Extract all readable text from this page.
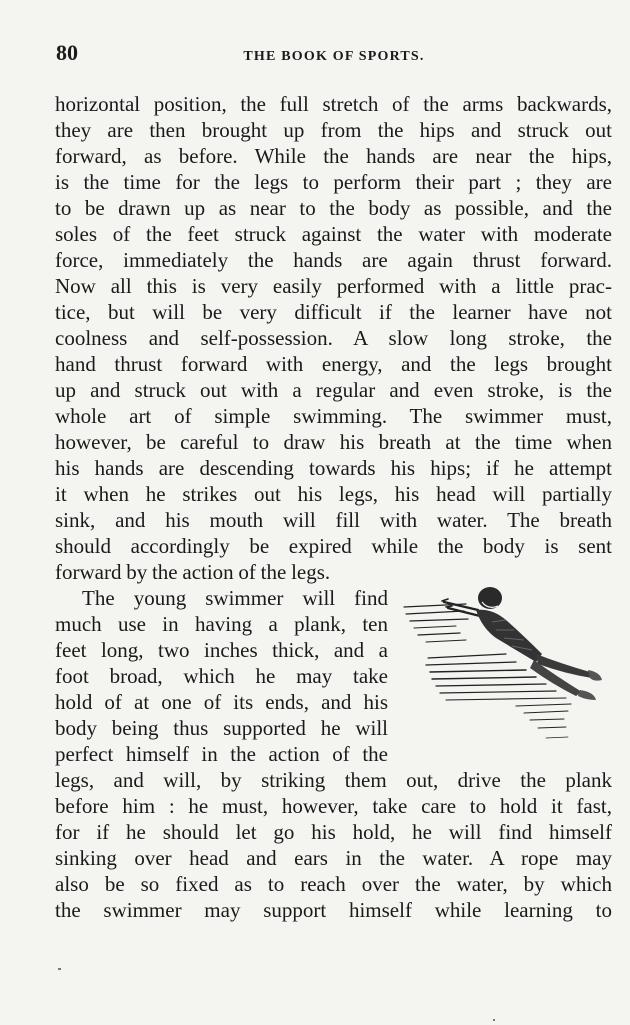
80	THE BOOK OF SPORTS.
horizontal position, the full stretch of the arms backwards,
they are then brought up from the hips and struck out
forward, as before. While the hands are near the hips,
is the time for the legs to perform their part ; they are
to be drawn up as near to the body as possible, and the
soles of the feet struck against the water with moderate
force, immediately the hands are again thrust forward.
Now all this is very easily performed with a little prac-
tice, but will be very difficult if the learner have not
coolness and self-possession. A slow long stroke, the
hand thrust forward with energy, and the legs brought
up and struck out with a regular and even stroke, is the
whole art of simple swimming. The swimmer must,
however, be careful to draw his breath at the time when
his hands are descending towards his hips; if he attempt
it when he strikes out his legs, his head will partially
sink, and his mouth will fill with water. The breath
should accordingly be expired while the body is sent
forward by the action of the legs.
The young swimmer will find
much use in having a plank, ten
feet long, two inches thick, and a
foot broad, which he may take
hold of at one of its ends, and his
body being thus supported he will
perfect himself in the action of the
legs, and will, by striking them out, drive the plank
before him : he must, however, take care to hold it fast,
for if he should let go his hold, he will find himself
sinking over head and ears in the water. A rope may
also be so fixed as to reach over the water, by which
the swimmer may support himself while learning to
